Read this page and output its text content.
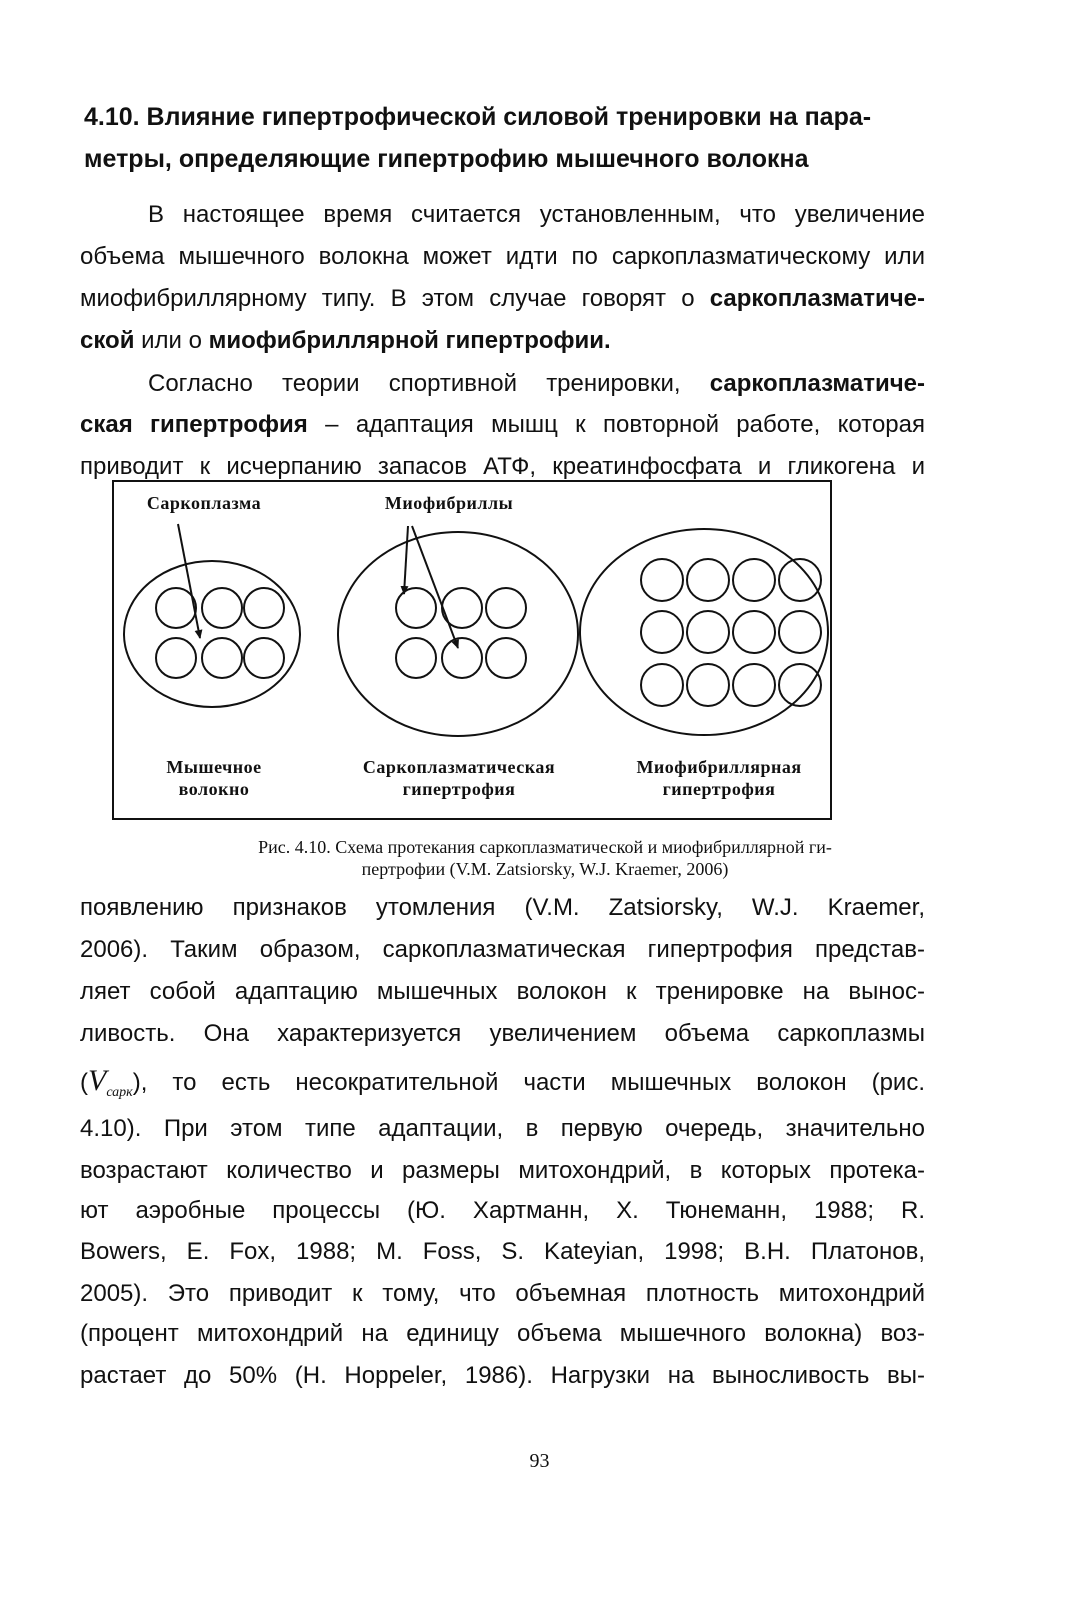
4.10. Влияние гипертрофической силовой тренировки на пара-
метры, определяющие гипертрофию мышечного волокна
В настоящее время считается установленным, что увеличение
объема мышечного волокна может идти по саркоплазматическому или
миофибриллярному типу. В этом случае говорят о саркоплазматиче-
ской или о миофибриллярной гипертрофии.
Согласно теории спортивной тренировки, саркоплазматиче-
ская гипертрофия – адаптация мышц к повторной работе, которая
приводит к исчерпанию запасов АТФ, креатинфосфата и гликогена и
Саркоплазма	Миофибриллы
Мышечное
волокно
Саркоплазматическая
гипертрофия
Миофибриллярная
гипертрофия
Рис. 4.10. Схема протекания саркоплазматической и миофибриллярной ги-
пертрофии (V.M. Zatsiorsky, W.J. Kraemer, 2006)
появлению признаков утомления (V.M. Zatsiorsky, W.J. Kraemer,
2006). Таким образом, саркоплазматическая гипертрофия представ-
ляет собой адаптацию мышечных волокон к тренировке на вынос-
ливость. Она характеризуется увеличением объема саркоплазмы
$(V_{сарк})$, то есть несократительной части мышечных волокон (рис.
4.10). При этом типе адаптации, в первую очередь, значительно
возрастают количество и размеры митохондрий, в которых протека-
ют аэробные процессы (Ю. Хартманн, Х. Тюнеманн, 1988; R.
Bowers, E. Fox, 1988; M. Foss, S. Kateyian, 1998; В.Н. Платонов,
2005). Это приводит к тому, что объемная плотность митохондрий
(процент митохондрий на единицу объема мышечного волокна) воз-
растает до 50% (H. Hoppeler, 1986). Нагрузки на выносливость вы-
93
